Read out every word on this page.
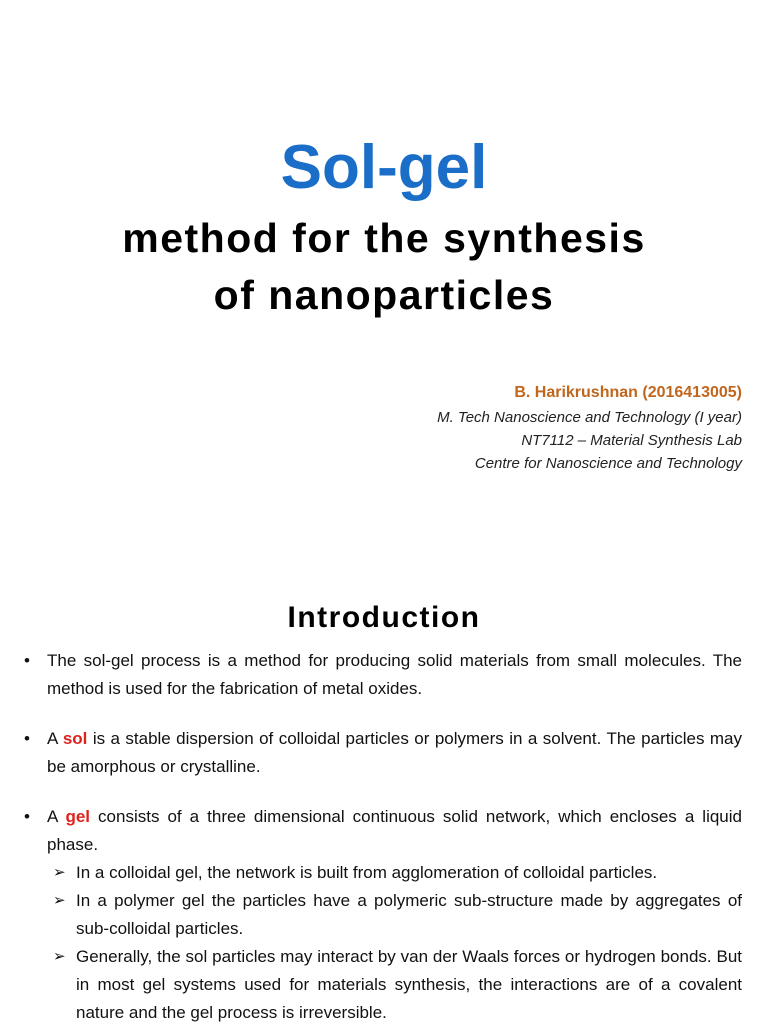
Sol-gel
method for the synthesis
of nanoparticles
B. Harikrushnan (2016413005)
M. Tech Nanoscience and Technology (I year)
NT7112 – Material Synthesis Lab
Centre for Nanoscience and Technology
Introduction
• The sol-gel process is a method for producing solid materials from small molecules. The method is used for the fabrication of metal oxides.
• A sol is a stable dispersion of colloidal particles or polymers in a solvent. The particles may be amorphous or crystalline.
• A gel consists of a three dimensional continuous solid network, which encloses a liquid phase.
➢ In a colloidal gel, the network is built from agglomeration of colloidal particles.
➢ In a polymer gel the particles have a polymeric sub-structure made by aggregates of sub-colloidal particles.
➢ Generally, the sol particles may interact by van der Waals forces or hydrogen bonds. But in most gel systems used for materials synthesis, the interactions are of a covalent nature and the gel process is irreversible.
